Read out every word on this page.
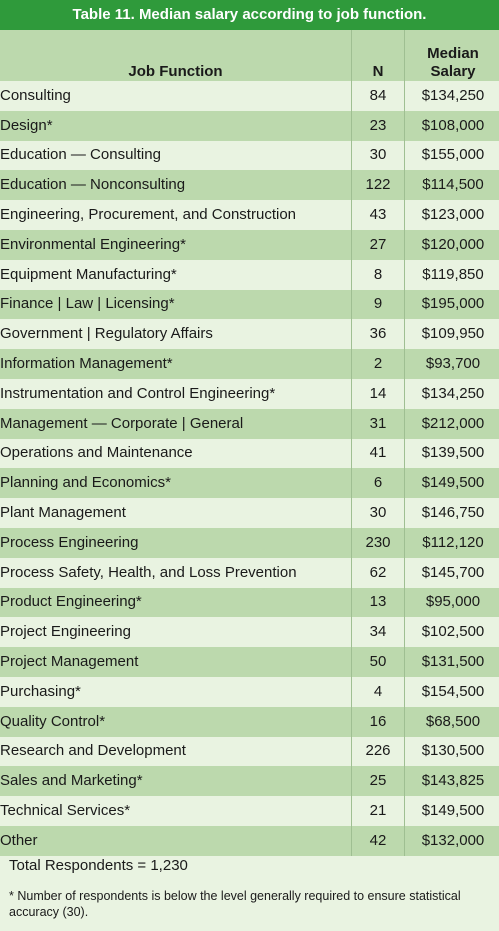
Table 11. Median salary according to job function.
Job Function	N	Median
Salary

Consulting	84	$134,250
Design*	23	$108,000
Education — Consulting	30	$155,000
Education — Nonconsulting	122	$114,500
Engineering, Procurement, and Construction	43	$123,000
Environmental Engineering*	27	$120,000
Equipment Manufacturing*	8	$119,850
Finance | Law | Licensing*	9	$195,000
Government | Regulatory Affairs	36	$109,950
Information Management*	2	$93,700
Instrumentation and Control Engineering*	14	$134,250
Management — Corporate | General	31	$212,000
Operations and Maintenance	41	$139,500
Planning and Economics*	6	$149,500
Plant Management	30	$146,750
Process Engineering	230	$112,120
Process Safety, Health, and Loss Prevention	62	$145,700
Product Engineering*	13	$95,000
Project Engineering	34	$102,500
Project Management	50	$131,500
Purchasing*	4	$154,500
Quality Control*	16	$68,500
Research and Development	226	$130,500
Sales and Marketing*	25	$143,825
Technical Services*	21	$149,500
Other	42	$132,000
Total Respondents = 1,230
* Number of respondents is below the level generally required to ensure statistical accuracy (30).
